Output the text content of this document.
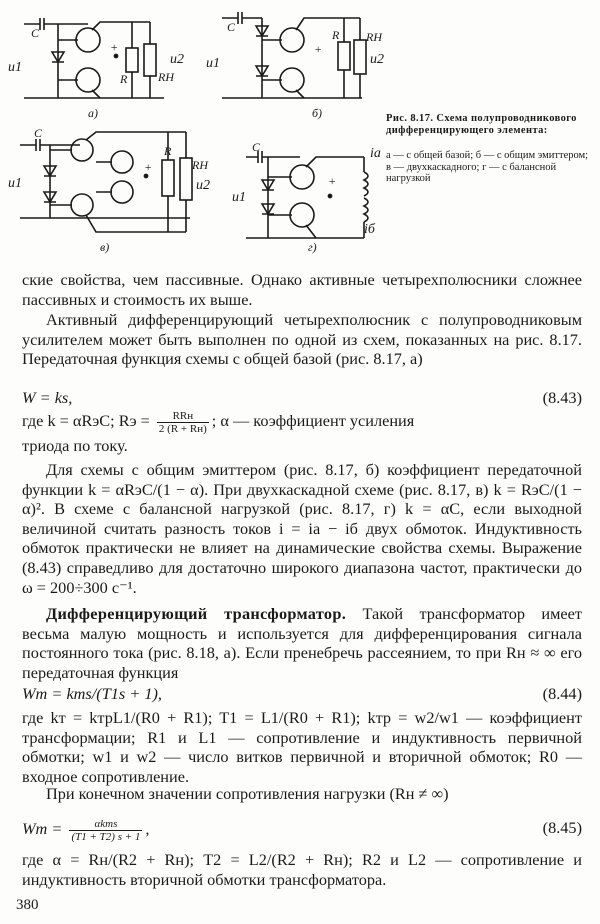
C
u1
R	RН
u2
+
а)
C
u1
R RН
u2
+
б)
C
u1
R
RН
u2
+
в)
C
u1
iа
iб
+
г)
Рис. 8.17. Схема полупроводникового дифференцирующего элемента:
а — с общей базой; б — с общим эмиттером; в — двухкаскадного; г — с балансной нагрузкой
ские свойства, чем пассивные. Однако активные четырехполюсники сложнее пассивных и стоимость их выше.
Активный дифференцирующий четырехполюсник с полупроводниковым усилителем может быть выполнен по одной из схем, показанных на рис. 8.17. Передаточная функция схемы с общей базой (рис. 8.17, а)
W = ks,	(8.43)
где k = αRэC; Rэ = $\frac{\text{RRн}}{2 (R + Rн)}$ ; α — коэффициент усиления
триода по току.
Для схемы с общим эмиттером (рис. 8.17, б) коэффициент передаточной функции k = αRэC/(1 − α). При двухкаскадной схеме (рис. 8.17, в) k = RэC/(1 − α)². В схеме с балансной нагрузкой (рис. 8.17, г) k = αC, если выходной величиной считать разность токов i = iа − iб двух обмоток. Индуктивность обмоток практически не влияет на динамические свойства схемы. Выражение (8.43) справедливо для достаточно широкого диапазона частот, практически до ω = 200÷300 с⁻¹.
Дифференцирующий трансформатор. Такой трансформатор имеет весьма малую мощность и используется для дифференцирования сигнала постоянного тока (рис. 8.18, а). Если пренебречь рассеянием, то при Rн ≈ ∞ его передаточная функция
Wт = kтs/(T1s + 1),	(8.44)
где kт = kтрL1/(R0 + R1); T1 = L1/(R0 + R1); kтр = w2/w1 — коэффициент трансформации; R1 и L1 — сопротивление и индуктивность первичной обмотки; w1 и w2 — число витков первичной и вторичной обмоток; R0 — входное сопротивление.
При конечном значении сопротивления нагрузки (Rн ≠ ∞)
Wт = $\frac{\text{αkтs}}{(T1 + T2) s + 1}$ ,	(8.45)
где α = Rн/(R2 + Rн); T2 = L2/(R2 + Rн); R2 и L2 — сопротивление и индуктивность вторичной обмотки трансформатора.
380
